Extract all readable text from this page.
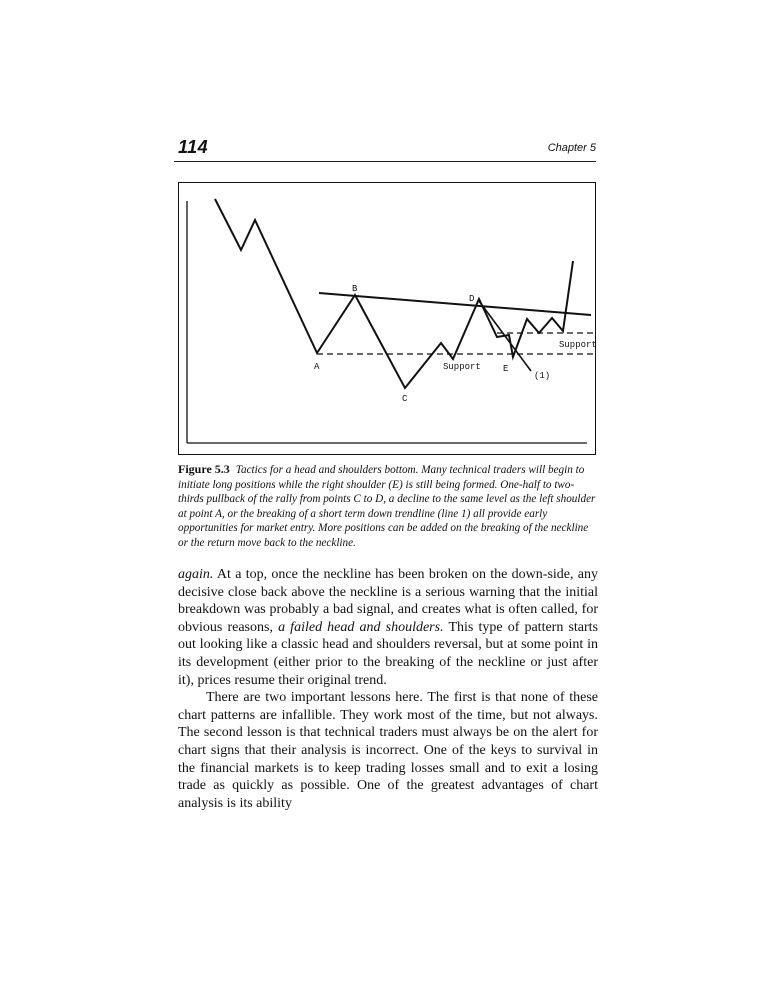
114	Chapter 5
A
B
C
D
E
Support
Support
(1)
Figure 5.3 Tactics for a head and shoulders bottom. Many technical traders will begin to initiate long positions while the right shoulder (E) is still being formed. One-half to two-thirds pullback of the rally from points C to D, a decline to the same level as the left shoulder at point A, or the breaking of a short term down trendline (line 1) all provide early opportunities for market entry. More positions can be added on the breaking of the neckline or the return move back to the neckline.

again. At a top, once the neckline has been broken on the down-side, any decisive close back above the neckline is a serious warning that the initial breakdown was probably a bad signal, and creates what is often called, for obvious reasons, a failed head and shoulders. This type of pattern starts out looking like a classic head and shoulders reversal, but at some point in its development (either prior to the breaking of the neckline or just after it), prices resume their original trend.

There are two important lessons here. The first is that none of these chart patterns are infallible. They work most of the time, but not always. The second lesson is that technical traders must always be on the alert for chart signs that their analysis is incorrect. One of the keys to survival in the financial markets is to keep trading losses small and to exit a losing trade as quickly as possible. One of the greatest advantages of chart analysis is its ability
